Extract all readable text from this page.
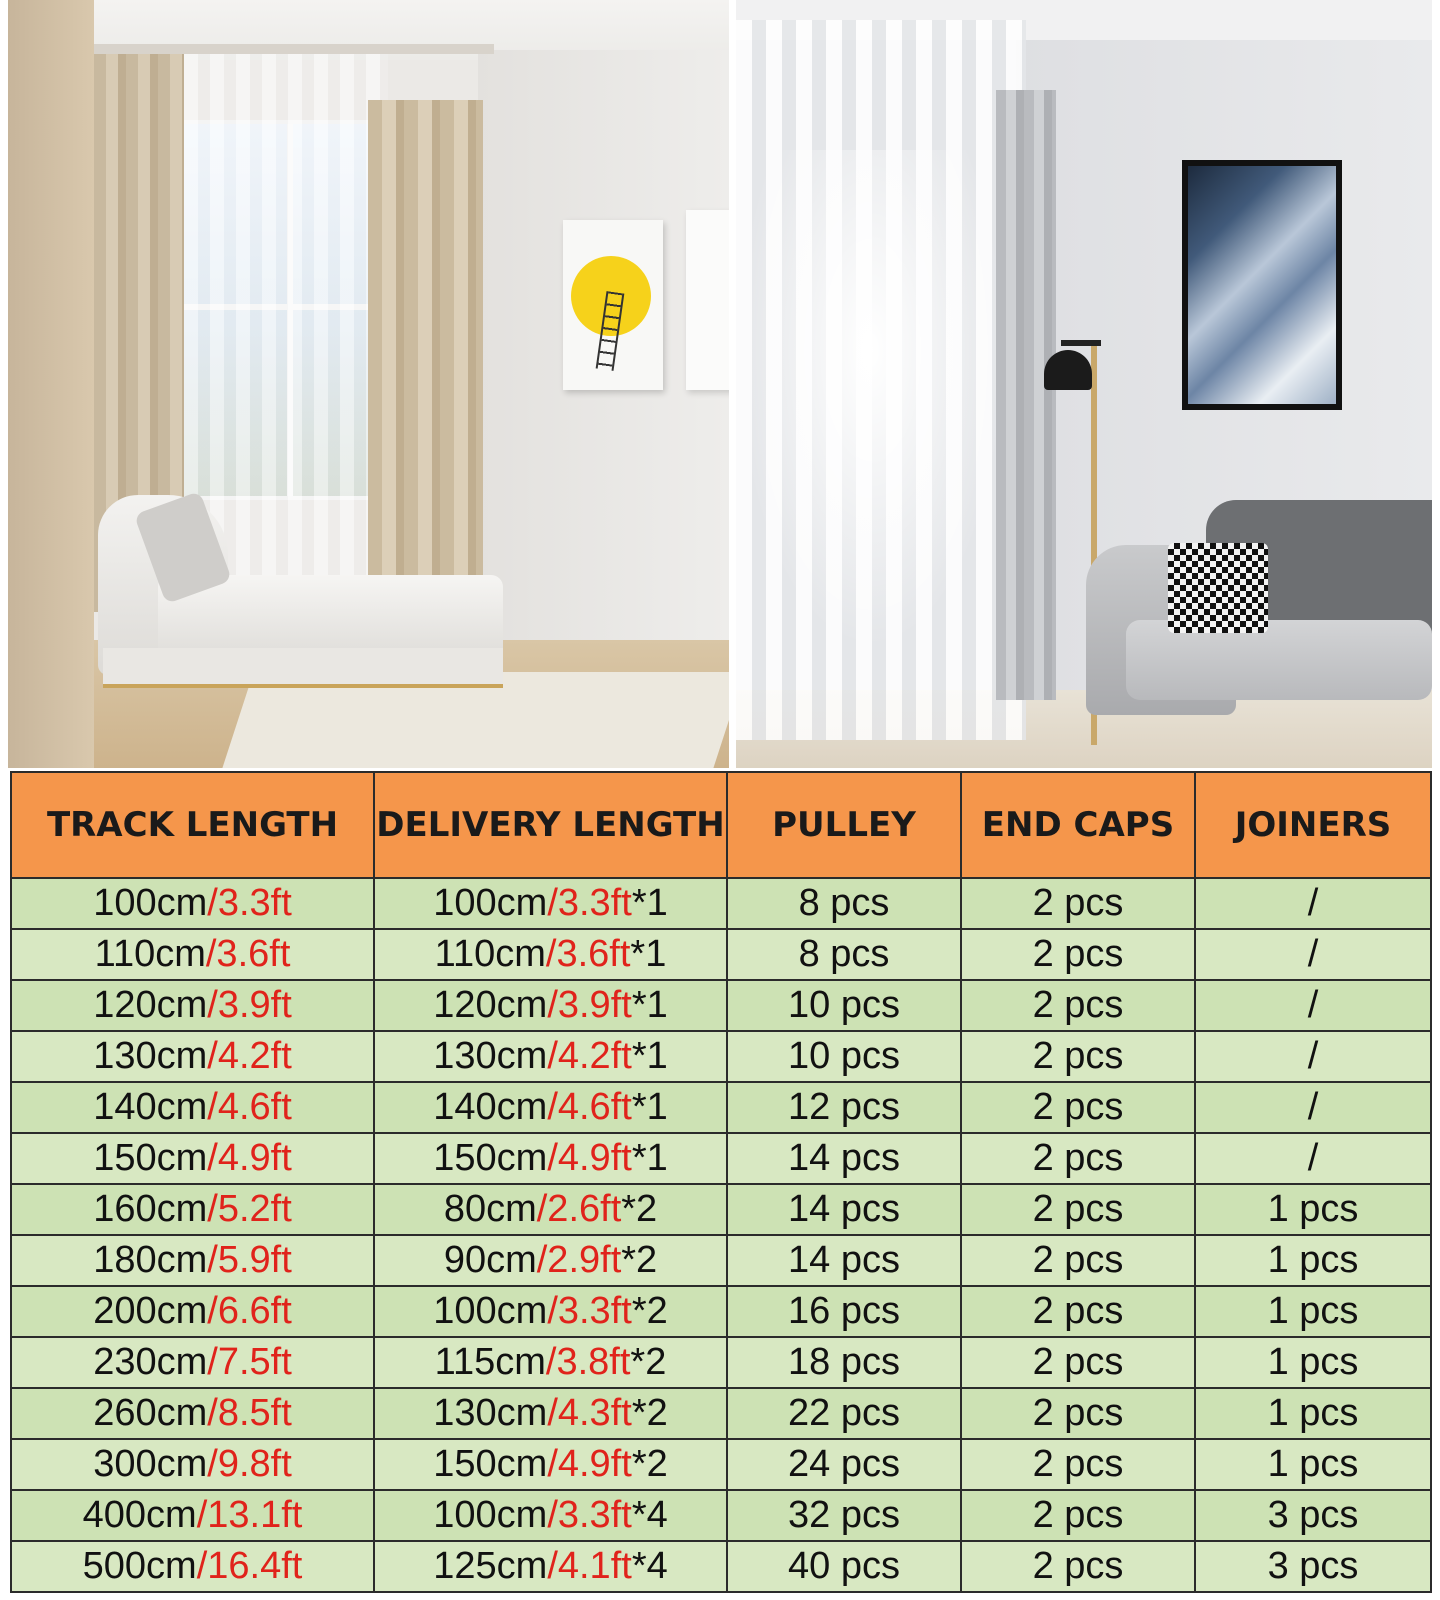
TRACK LENGTH	DELIVERY LENGTH	PULLEY	END CAPS	JOINERS
100cm/3.3ft	100cm/3.3ft*1	8 pcs	2 pcs	/
110cm/3.6ft	110cm/3.6ft*1	8 pcs	2 pcs	/
120cm/3.9ft	120cm/3.9ft*1	10 pcs	2 pcs	/
130cm/4.2ft	130cm/4.2ft*1	10 pcs	2 pcs	/
140cm/4.6ft	140cm/4.6ft*1	12 pcs	2 pcs	/
150cm/4.9ft	150cm/4.9ft*1	14 pcs	2 pcs	/
160cm/5.2ft	80cm/2.6ft*2	14 pcs	2 pcs	1 pcs
180cm/5.9ft	90cm/2.9ft*2	14 pcs	2 pcs	1 pcs
200cm/6.6ft	100cm/3.3ft*2	16 pcs	2 pcs	1 pcs
230cm/7.5ft	115cm/3.8ft*2	18 pcs	2 pcs	1 pcs
260cm/8.5ft	130cm/4.3ft*2	22 pcs	2 pcs	1 pcs
300cm/9.8ft	150cm/4.9ft*2	24 pcs	2 pcs	1 pcs
400cm/13.1ft	100cm/3.3ft*4	32 pcs	2 pcs	3 pcs
500cm/16.4ft	125cm/4.1ft*4	40 pcs	2 pcs	3 pcs
